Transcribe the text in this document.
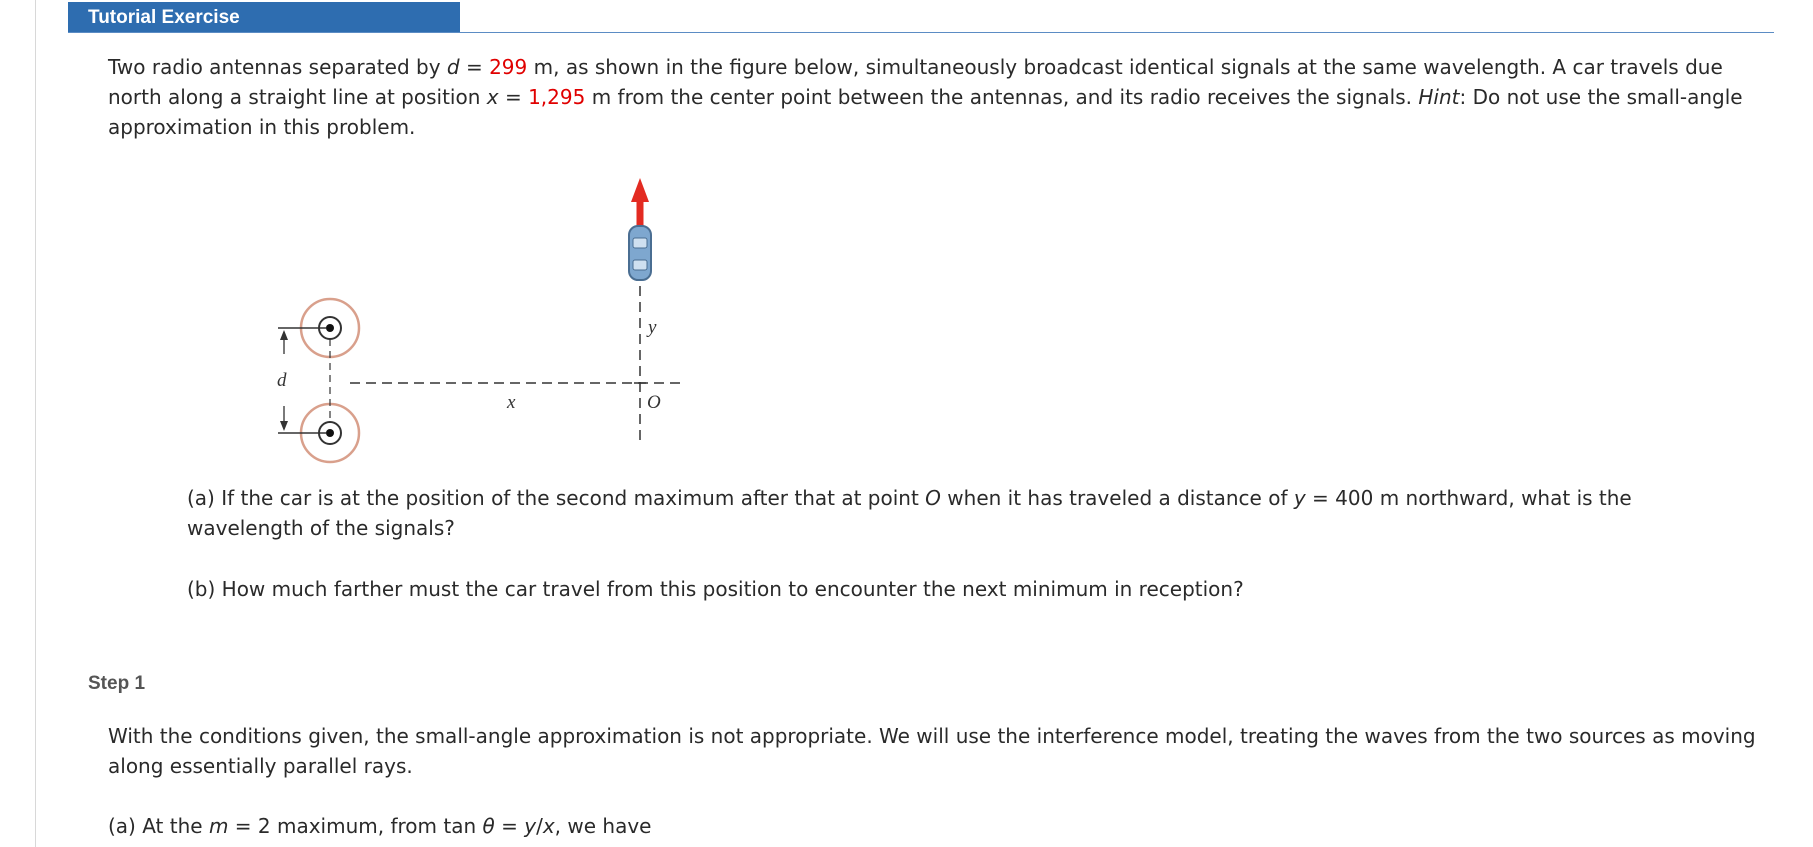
Tutorial Exercise

Two radio antennas separated by d = 299 m, as shown in the figure below, simultaneously broadcast identical signals at the same wavelength. A car travels due north along a straight line at position x = 1,295 m from the center point between the antennas, and its radio receives the signals. Hint: Do not use the small-angle approximation in this problem.

d
x
y
O

(a) If the car is at the position of the second maximum after that at point O when it has traveled a distance of y = 400 m northward, what is the wavelength of the signals?

(b) How much farther must the car travel from this position to encounter the next minimum in reception?

Step 1

With the conditions given, the small-angle approximation is not appropriate. We will use the interference model, treating the waves from the two sources as moving along essentially parallel rays.

(a) At the m = 2 maximum, from tan θ = y/x, we have
